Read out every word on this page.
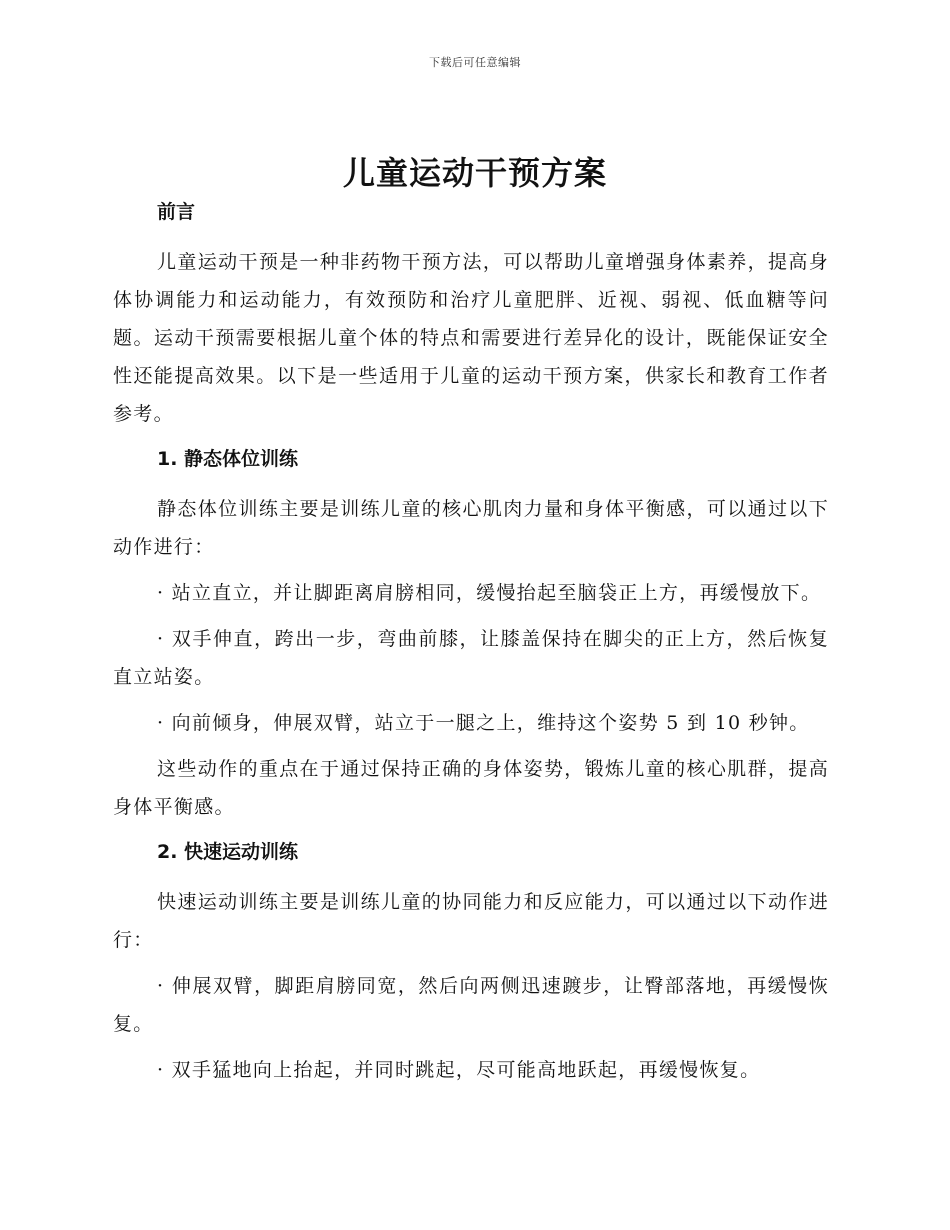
下载后可任意编辑
儿童运动干预方案
前言

儿童运动干预是一种非药物干预方法，可以帮助儿童增强身体素养，提高身体协调能力和运动能力，有效预防和治疗儿童肥胖、近视、弱视、低血糖等问题。运动干预需要根据儿童个体的特点和需要进行差异化的设计，既能保证安全性还能提高效果。以下是一些适用于儿童的运动干预方案，供家长和教育工作者参考。

1. 静态体位训练

静态体位训练主要是训练儿童的核心肌肉力量和身体平衡感，可以通过以下动作进行：

· 站立直立，并让脚距离肩膀相同，缓慢抬起至脑袋正上方，再缓慢放下。

· 双手伸直，跨出一步，弯曲前膝，让膝盖保持在脚尖的正上方，然后恢复直立站姿。

· 向前倾身，伸展双臂，站立于一腿之上，维持这个姿势 5 到 10 秒钟。

这些动作的重点在于通过保持正确的身体姿势，锻炼儿童的核心肌群，提高身体平衡感。

2. 快速运动训练

快速运动训练主要是训练儿童的协同能力和反应能力，可以通过以下动作进行：

· 伸展双臂，脚距肩膀同宽，然后向两侧迅速踱步，让臀部落地，再缓慢恢复。

· 双手猛地向上抬起，并同时跳起，尽可能高地跃起，再缓慢恢复。
